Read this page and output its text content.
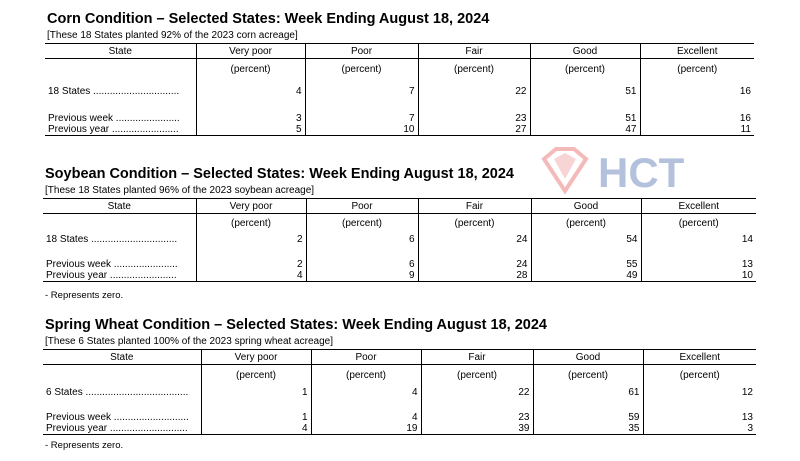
Corn Condition – Selected States: Week Ending August 18, 2024
[These 18 States planted 92% of the 2023 corn acreage]
State	Very poor	Poor	Fair	Good	Excellent
	(percent)	(percent)	(percent)	(percent)	(percent)
18 States ...............................	4	7	22	51	16

Previous week .......................	3	7	23	51	16
Previous year ........................	5	10	27	47	11
Soybean Condition – Selected States: Week Ending August 18, 2024
[These 18 States planted 96% of the 2023 soybean acreage]
State	Very poor	Poor	Fair	Good	Excellent
	(percent)	(percent)	(percent)	(percent)	(percent)
18 States ...............................	2	6	24	54	14

Previous week .......................	2	6	24	55	13
Previous year ........................	4	9	28	49	10
- Represents zero.
Spring Wheat Condition – Selected States: Week Ending August 18, 2024
[These 6 States planted 100% of the 2023 spring wheat acreage]
State	Very poor	Poor	Fair	Good	Excellent
	(percent)	(percent)	(percent)	(percent)	(percent)
6 States .....................................	1	4	22	61	12

Previous week ...........................	1	4	23	59	13
Previous year ............................	4	19	39	35	3
- Represents zero.
HCT
